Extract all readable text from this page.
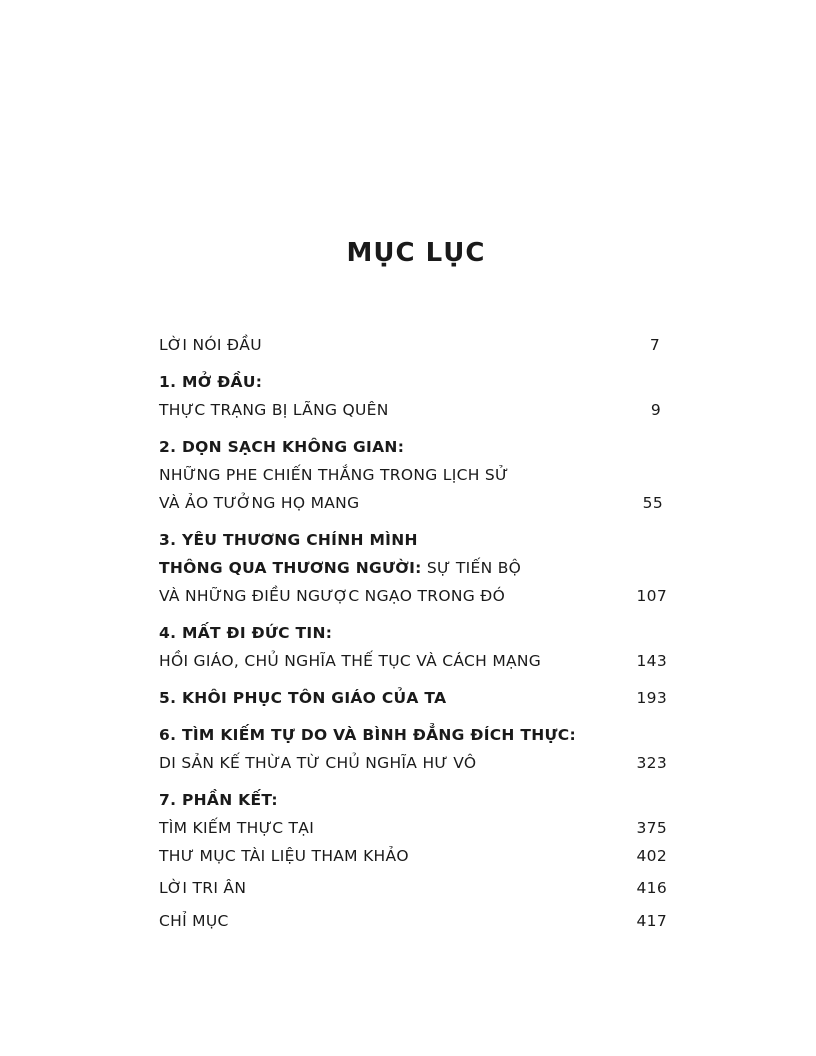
MỤC LỤC
LỜI NÓI ĐẦU	7
1. MỞ ĐẦU:
THỰC TRẠNG BỊ LÃNG QUÊN	9
2. DỌN SẠCH KHÔNG GIAN:
NHỮNG PHE CHIẾN THẮNG TRONG LỊCH SỬ
VÀ ẢO TƯỞNG HỌ MANG	55
3. YÊU THƯƠNG CHÍNH MÌNH
THÔNG QUA THƯƠNG NGƯỜI: SỰ TIẾN BỘ
VÀ NHỮNG ĐIỀU NGƯỢC NGẠO TRONG ĐÓ	107
4. MẤT ĐI ĐỨC TIN:
HỒI GIÁO, CHỦ NGHĨA THẾ TỤC VÀ CÁCH MẠNG	143
5. KHÔI PHỤC TÔN GIÁO CỦA TA	193
6. TÌM KIẾM TỰ DO VÀ BÌNH ĐẲNG ĐÍCH THỰC:
DI SẢN KẾ THỪA TỪ CHỦ NGHĨA HƯ VÔ	323
7. PHẦN KẾT:
TÌM KIẾM THỰC TẠI	375
THƯ MỤC TÀI LIỆU THAM KHẢO	402
LỜI TRI ÂN	416
CHỈ MỤC	417
